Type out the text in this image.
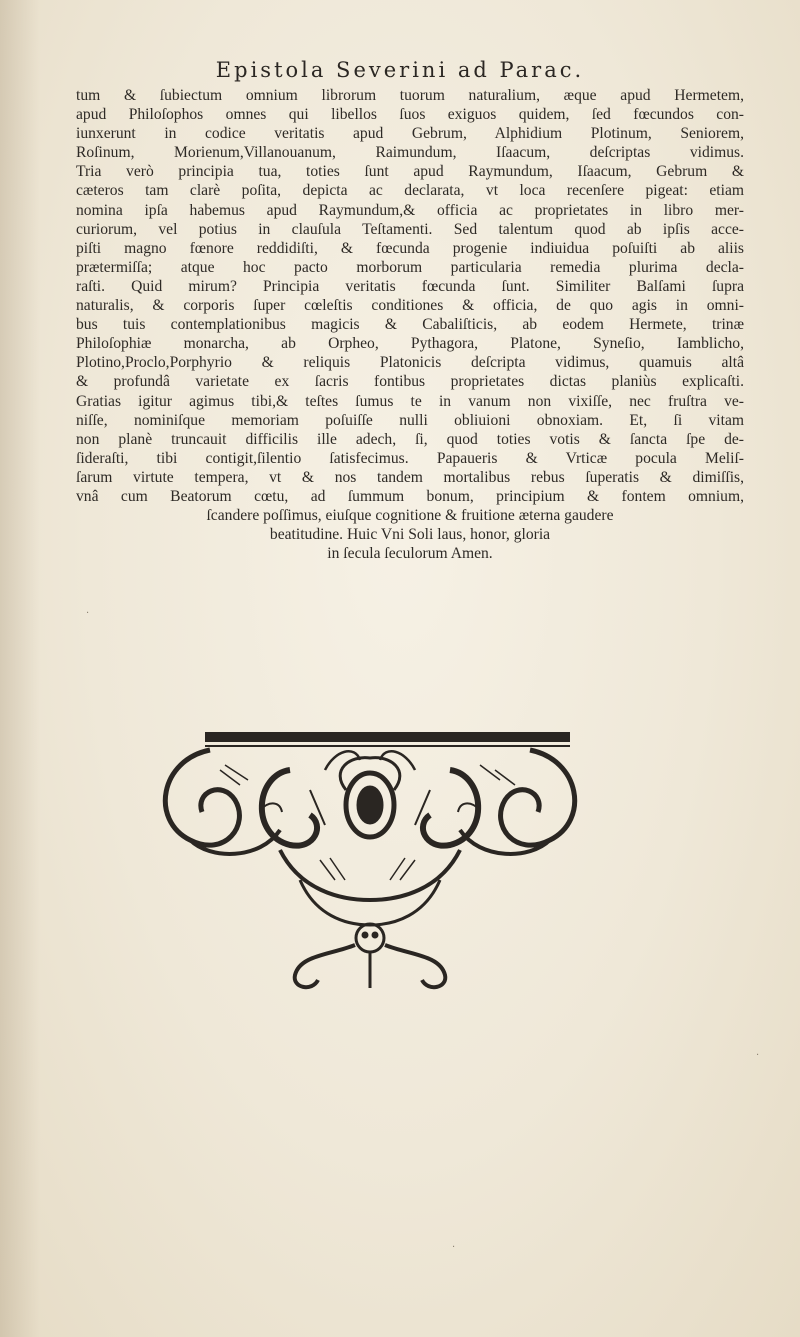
Epistola Severini ad Parac.
tum & ſubiectum omnium librorum tuorum naturalium, æque apud Hermetem,
apud Philoſophos omnes qui libellos ſuos exiguos quidem, ſed fœcundos con-
iunxerunt in codice veritatis apud Gebrum, Alphidium Plotinum, Seniorem,
Roſinum, Morienum,Villanouanum, Raimundum, Iſaacum, deſcriptas vidimus.
Tria verò principia tua, toties ſunt apud Raymundum, Iſaacum, Gebrum &
cæteros tam clarè poſita, depicta ac declarata, vt loca recenſere pigeat: etiam
nomina ipſa habemus apud Raymundum,& officia ac proprietates in libro mer-
curiorum, vel potius in clauſula Teſtamenti. Sed talentum quod ab ipſis acce-
piſti magno fœnore reddidiſti, & fœcunda progenie indiuidua poſuiſti ab aliis
prætermiſſa; atque hoc pacto morborum particularia remedia plurima decla-
raſti. Quid mirum? Principia veritatis fœcunda ſunt. Similiter Balſami ſupra
naturalis, & corporis ſuper cœleſtis conditiones & officia, de quo agis in omni-
bus tuis contemplationibus magicis & Cabaliſticis, ab eodem Hermete, trinæ
Philoſophiæ monarcha, ab Orpheo, Pythagora, Platone, Syneſio, Iamblicho,
Plotino,Proclo,Porphyrio & reliquis Platonicis deſcripta vidimus, quamuis altâ
& profundâ varietate ex ſacris fontibus proprietates dictas planiùs explicaſti.
Gratias igitur agimus tibi,& teſtes ſumus te in vanum non vixiſſe, nec fruſtra ve-
niſſe, nominiſque memoriam poſuiſſe nulli obliuioni obnoxiam. Et, ſi vitam
non planè truncauit difficilis ille adech, ſi, quod toties votis & ſancta ſpe de-
ſideraſti, tibi contigit,ſilentio ſatisfecimus. Papaueris & Vrticæ pocula Meliſ-
ſarum virtute tempera, vt & nos tandem mortalibus rebus ſuperatis & dimiſſis,
vnâ cum Beatorum cœtu, ad ſummum bonum, principium & fontem omnium,
ſcandere poſſimus, eiuſque cognitione & fruitione æterna gaudere
beatitudine. Huic Vni Soli laus, honor, gloria
in ſecula ſeculorum Amen.
·
·
·
